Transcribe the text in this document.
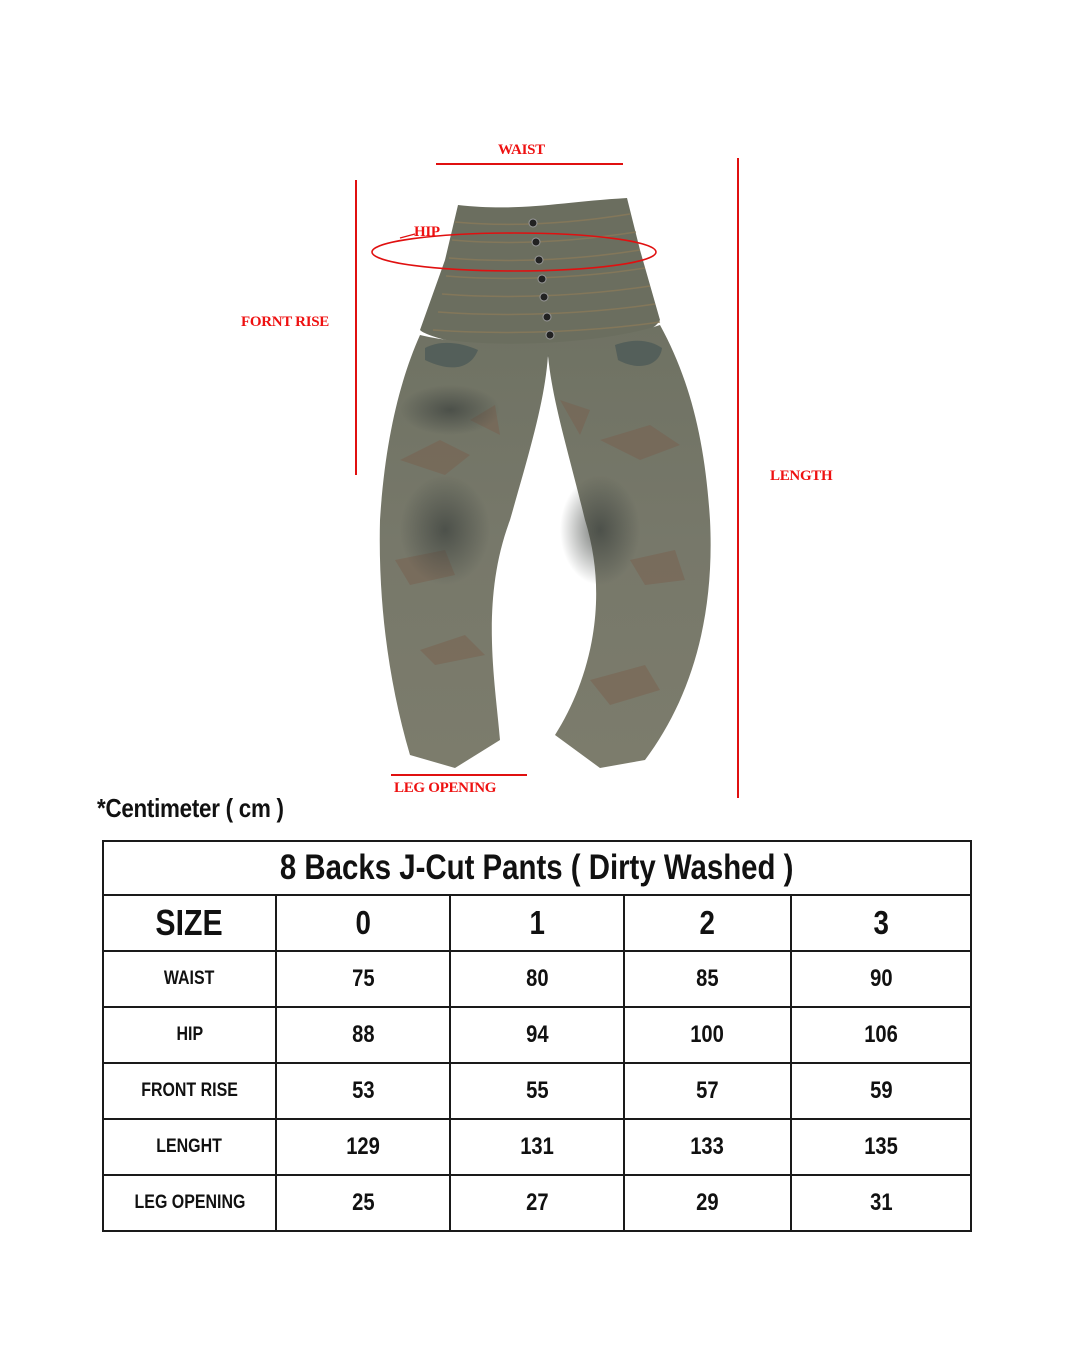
WAIST
HIP
FORNT RISE
LENGTH
LEG OPENING
*Centimeter ( cm )
8 Backs J-Cut Pants ( Dirty Washed )				
SIZE	0	1	2	3
WAIST	75	80	85	90
HIP	88	94	100	106
FRONT RISE	53	55	57	59
LENGHT	129	131	133	135
LEG OPENING	25	27	29	31
